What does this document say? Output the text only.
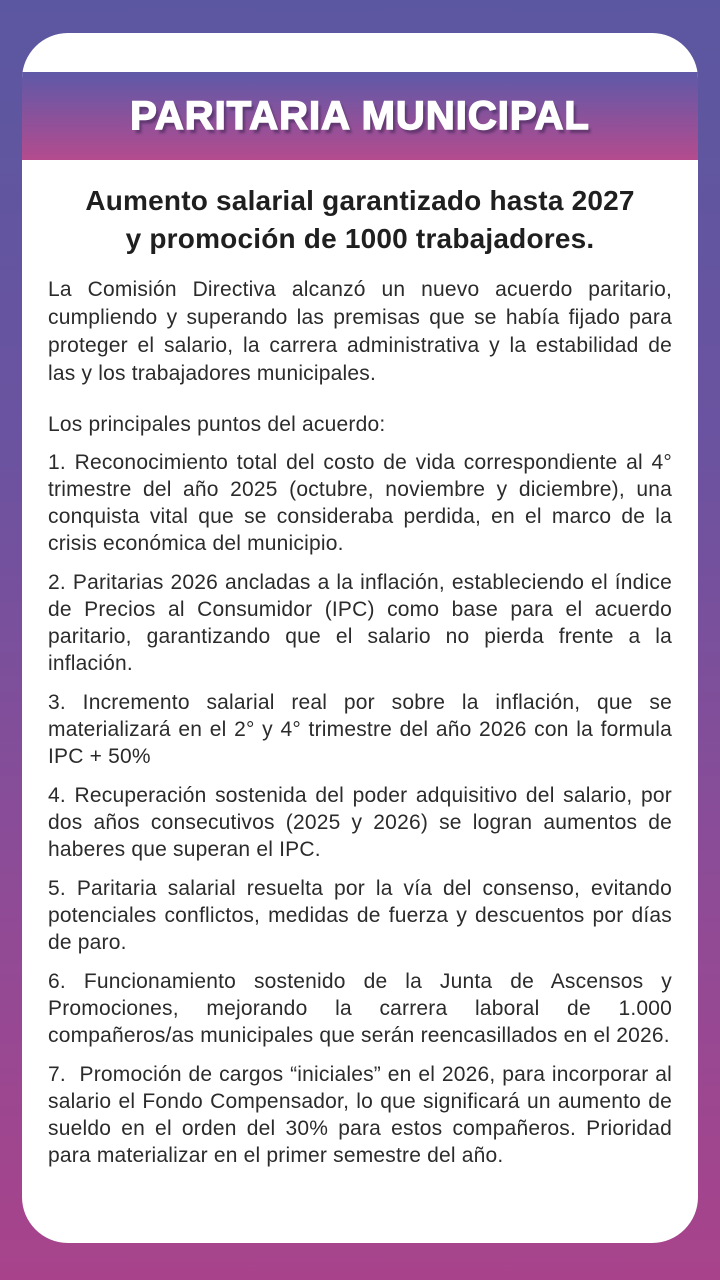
PARITARIA MUNICIPAL
Aumento salarial garantizado hasta 2027
y promoción de 1000 trabajadores.

La Comisión Directiva alcanzó un nuevo acuerdo paritario, cumpliendo y superando las premisas que se había fijado para proteger el salario, la carrera administrativa y la estabilidad de las y los trabajadores municipales.

Los principales puntos del acuerdo:

1. Reconocimiento total del costo de vida correspondiente al 4° trimestre del año 2025 (octubre, noviembre y diciembre), una conquista vital que se consideraba perdida, en el marco de la crisis económica del municipio.

2. Paritarias 2026 ancladas a la inflación, estableciendo el índice de Precios al Consumidor (IPC) como base para el acuerdo paritario, garantizando que el salario no pierda frente a la inflación.

3. Incremento salarial real por sobre la inflación, que se materializará en el 2° y 4° trimestre del año 2026 con la formula IPC + 50%

4. Recuperación sostenida del poder adquisitivo del salario, por dos años consecutivos (2025 y 2026) se logran aumentos de haberes que superan el IPC.

5. Paritaria salarial resuelta por la vía del consenso, evitando potenciales conflictos, medidas de fuerza y descuentos por días de paro.

6. Funcionamiento sostenido de la Junta de Ascensos y Promociones, mejorando la carrera laboral de 1.000 compañeros/as municipales que serán reencasillados en el 2026.

7.  Promoción de cargos “iniciales” en el 2026, para incorporar al salario el Fondo Compensador, lo que significará un aumento de sueldo en el orden del 30% para estos compañeros. Prioridad para materializar en el primer semestre del año.
